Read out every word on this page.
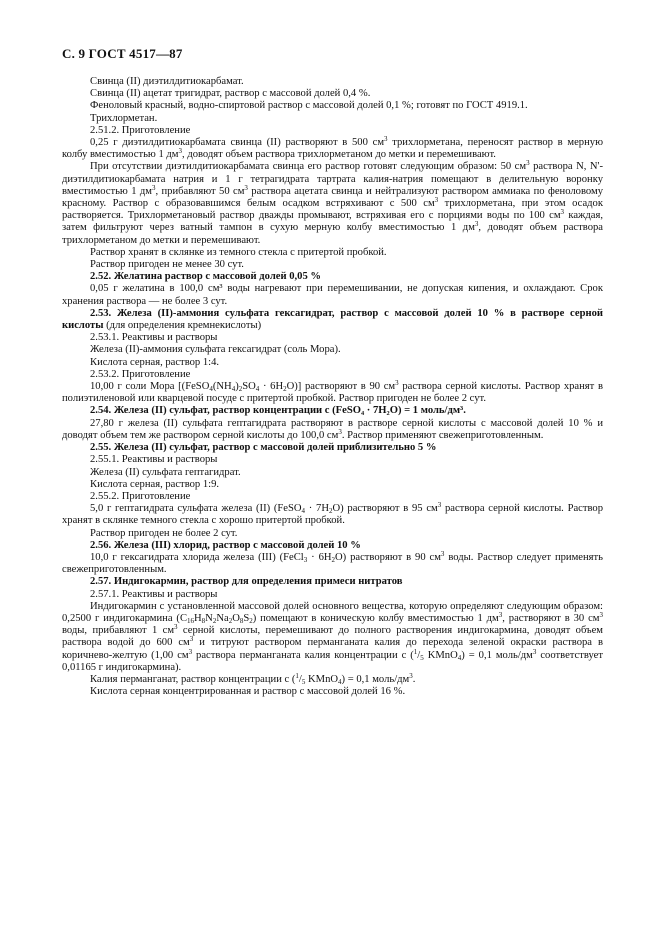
С. 9 ГОСТ 4517—87

Свинца (II) диэтилдитиокарбамат.

Свинца (II) ацетат тригидрат, раствор с массовой долей 0,4 %.

Феноловый красный, водно-спиртовой раствор с массовой долей 0,1 %; готовят по ГОСТ 4919.1.

Трихлорметан.

2.51.2. Приготовление

0,25 г диэтилдитиокарбамата свинца (II) растворяют в 500 $см^3$ трихлорметана, переносят раствор в мерную колбу вместимостью 1 $дм^3$, доводят объем раствора трихлорметаном до метки и перемешивают.

При отсутствии диэтилдитиокарбамата свинца его раствор готовят следующим образом: 50 $см^3$ раствора N, N'-диэтилдитиокарбамата натрия и 1 г тетрагидрата тартрата калия-натрия помещают в делительную воронку вместимостью 1 $дм^3$, прибавляют 50 $см^3$ раствора ацетата свинца и нейтрализуют раствором аммиака по феноловому красному. Раствор с образовавшимся белым осадком встряхивают с 500 $см^3$ трихлорметана, при этом осадок растворяется. Трихлорметановый раствор дважды промывают, встряхивая его с порциями воды по 100 $см^3$ каждая, затем фильтруют через ватный тампон в сухую мерную колбу вместимостью 1 $дм^3$, доводят объем раствора трихлорметаном до метки и перемешивают.

Раствор хранят в склянке из темного стекла с притертой пробкой.

Раствор пригоден не менее 30 сут.

2.52. Желатина раствор с массовой долей 0,05 %

0,05 г желатина в 100,0 см³ воды нагревают при перемешивании, не допуская кипения, и охлаждают. Срок хранения раствора — не более 3 сут.

2.53. Железа (II)-аммония сульфата гексагидрат, раствор с массовой долей 10 % в растворе серной кислоты (для определения кремнекислоты)

2.53.1. Реактивы и растворы

Железа (II)-аммония сульфата гексагидрат (соль Мора).

Кислота серная, раствор 1:4.

2.53.2. Приготовление

10,00 г соли Мора $[(FeSO_4(NH_4)_2SO_4 \cdot 6H_2O)]$ растворяют в 90 $см^3$ раствора серной кислоты. Раствор хранят в полиэтиленовой или кварцевой посуде с притертой пробкой. Раствор пригоден не более 2 сут.

2.54. Железа (II) сульфат, раствор концентрации c (FeSO₄ · 7H₂O) = 1 моль/дм³.

27,80 г железа (II) сульфата гептагидрата растворяют в растворе серной кислоты с массовой долей 10 % и доводят объем тем же раствором серной кислоты до 100,0 $см^3$. Раствор применяют свежеприготовленным.

2.55. Железа (II) сульфат, раствор с массовой долей приблизительно 5 %

2.55.1. Реактивы и растворы

Железа (II) сульфата гептагидрат.

Кислота серная, раствор 1:9.

2.55.2. Приготовление

5,0 г гептагидрата сульфата железа (II) (FeSO$_4$ · $7H_2O$) растворяют в 95 $см^3$ раствора серной кислоты. Раствор хранят в склянке темного стекла с хорошо притертой пробкой.

Раствор пригоден не более 2 сут.

2.56. Железа (III) хлорид, раствор с массовой долей 10 %

10,0 г гексагидрата хлорида железа (III) (FeCl$_3$ · $6H_2O$) растворяют в 90 $см^3$ воды. Раствор следует применять свежеприготовленным.

2.57. Индигокармин, раствор для определения примеси нитратов

2.57.1. Реактивы и растворы

Индигокармин с установленной массовой долей основного вещества, которую определяют следующим образом: 0,2500 г индигокармина $(C_{16}H_8N_2Na_2O_8S_2)$ помещают в коническую колбу вместимостью 1 $дм^3$, растворяют в 30 $см^3$ воды, прибавляют 1 $см^3$ серной кислоты, перемешивают до полного растворения индигокармина, доводят объем раствора водой до 600 $см^3$ и титруют раствором перманганата калия до перехода зеленой окраски раствора в коричнево-желтую (1,00 $см^3$ раствора перманганата калия концентрации c ($^1/_5$ KMnO$_4$) = 0,1 моль/$дм^3$ соответствует 0,01165 г индигокармина).

Калия перманганат, раствор концентрации c ($^1/_5$ KMnO$_4$) = 0,1 моль/$дм^3$.

Кислота серная концентрированная и раствор с массовой долей 16 %.
